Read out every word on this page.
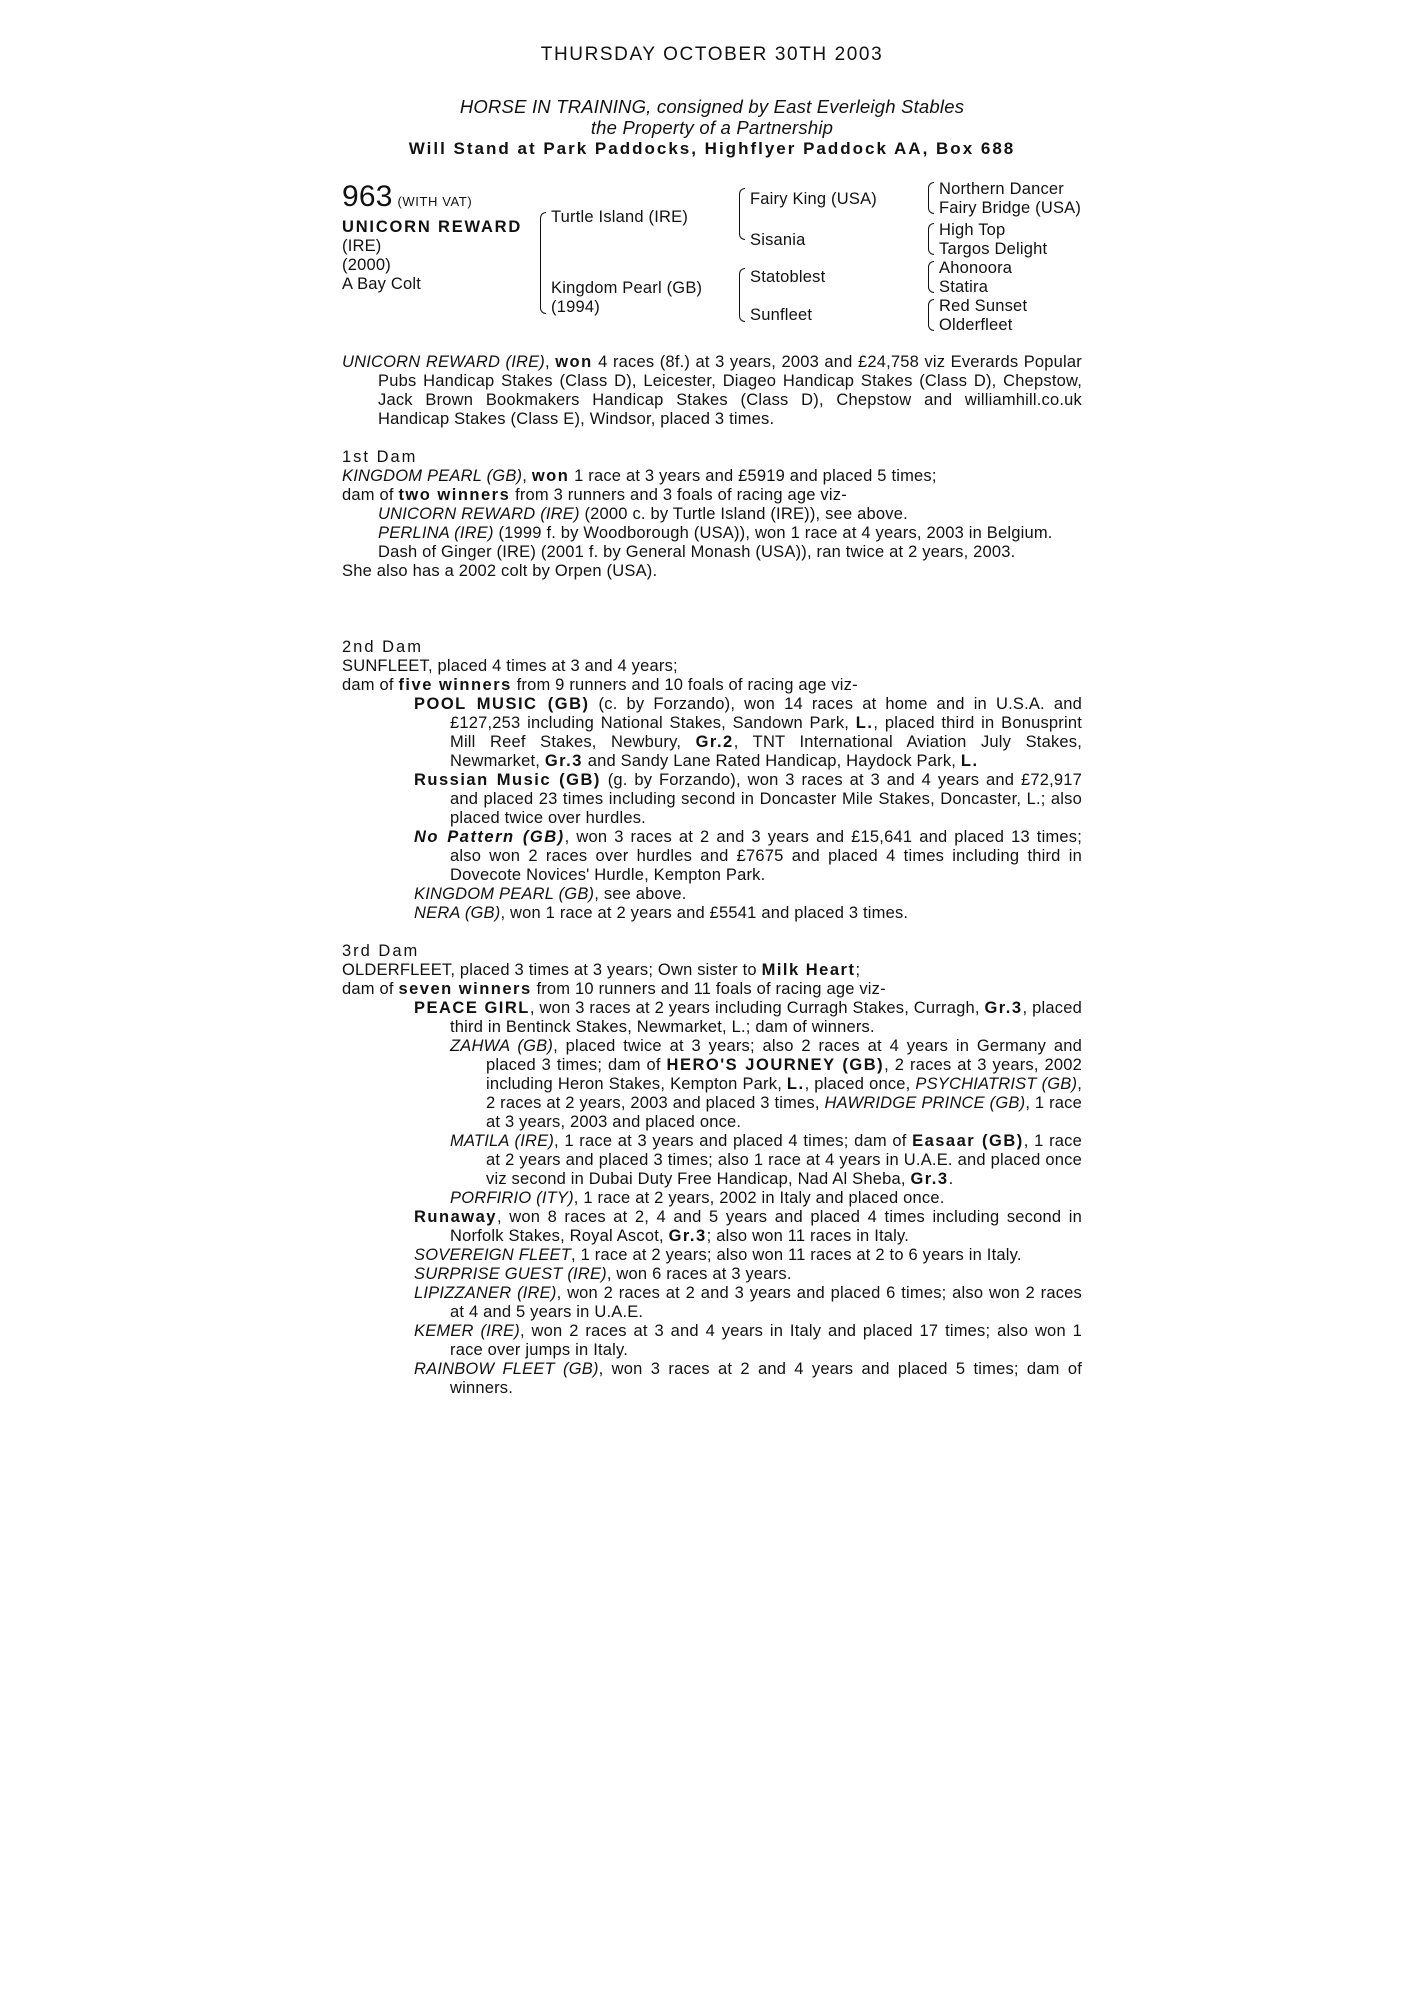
THURSDAY OCTOBER 30TH 2003
HORSE IN TRAINING, consigned by East Everleigh Stables
the Property of a Partnership
Will Stand at Park Paddocks, Highflyer Paddock AA, Box 688
963 (WITH VAT)
UNICORN REWARD
(IRE)
(2000)
A Bay Colt
Turtle Island (IRE)
Kingdom Pearl (GB)
(1994)
Fairy King (USA)
Sisania
Statoblest
Sunfleet
Northern Dancer
Fairy Bridge (USA)
High Top
Targos Delight
Ahonoora
Statira
Red Sunset
Olderfleet

UNICORN REWARD (IRE), won 4 races (8f.) at 3 years, 2003 and £24,758 viz Everards Popular Pubs Handicap Stakes (Class D), Leicester, Diageo Handicap Stakes (Class D), Chepstow, Jack Brown Bookmakers Handicap Stakes (Class D), Chepstow and williamhill.co.uk Handicap Stakes (Class E), Windsor, placed 3 times.

1st Dam

KINGDOM PEARL (GB), won 1 race at 3 years and £5919 and placed 5 times;

dam of two winners from 3 runners and 3 foals of racing age viz-

UNICORN REWARD (IRE) (2000 c. by Turtle Island (IRE)), see above.

PERLINA (IRE) (1999 f. by Woodborough (USA)), won 1 race at 4 years, 2003 in Belgium.

Dash of Ginger (IRE) (2001 f. by General Monash (USA)), ran twice at 2 years, 2003.

She also has a 2002 colt by Orpen (USA).

2nd Dam

SUNFLEET, placed 4 times at 3 and 4 years;

dam of five winners from 9 runners and 10 foals of racing age viz-

POOL MUSIC (GB) (c. by Forzando), won 14 races at home and in U.S.A. and £127,253 including National Stakes, Sandown Park, L., placed third in Bonusprint Mill Reef Stakes, Newbury, Gr.2, TNT International Aviation July Stakes, Newmarket, Gr.3 and Sandy Lane Rated Handicap, Haydock Park, L.

Russian Music (GB) (g. by Forzando), won 3 races at 3 and 4 years and £72,917 and placed 23 times including second in Doncaster Mile Stakes, Doncaster, L.; also placed twice over hurdles.

No Pattern (GB), won 3 races at 2 and 3 years and £15,641 and placed 13 times; also won 2 races over hurdles and £7675 and placed 4 times including third in Dovecote Novices' Hurdle, Kempton Park.

KINGDOM PEARL (GB), see above.

NERA (GB), won 1 race at 2 years and £5541 and placed 3 times.

3rd Dam

OLDERFLEET, placed 3 times at 3 years; Own sister to Milk Heart;

dam of seven winners from 10 runners and 11 foals of racing age viz-

PEACE GIRL, won 3 races at 2 years including Curragh Stakes, Curragh, Gr.3, placed third in Bentinck Stakes, Newmarket, L.; dam of winners.

ZAHWA (GB), placed twice at 3 years; also 2 races at 4 years in Germany and placed 3 times; dam of HERO'S JOURNEY (GB), 2 races at 3 years, 2002 including Heron Stakes, Kempton Park, L., placed once, PSYCHIATRIST (GB), 2 races at 2 years, 2003 and placed 3 times, HAWRIDGE PRINCE (GB), 1 race at 3 years, 2003 and placed once.

MATILA (IRE), 1 race at 3 years and placed 4 times; dam of Easaar (GB), 1 race at 2 years and placed 3 times; also 1 race at 4 years in U.A.E. and placed once viz second in Dubai Duty Free Handicap, Nad Al Sheba, Gr.3.

PORFIRIO (ITY), 1 race at 2 years, 2002 in Italy and placed once.

Runaway, won 8 races at 2, 4 and 5 years and placed 4 times including second in Norfolk Stakes, Royal Ascot, Gr.3; also won 11 races in Italy.

SOVEREIGN FLEET, 1 race at 2 years; also won 11 races at 2 to 6 years in Italy.

SURPRISE GUEST (IRE), won 6 races at 3 years.

LIPIZZANER (IRE), won 2 races at 2 and 3 years and placed 6 times; also won 2 races at 4 and 5 years in U.A.E.

KEMER (IRE), won 2 races at 3 and 4 years in Italy and placed 17 times; also won 1 race over jumps in Italy.

RAINBOW FLEET (GB), won 3 races at 2 and 4 years and placed 5 times; dam of winners.
